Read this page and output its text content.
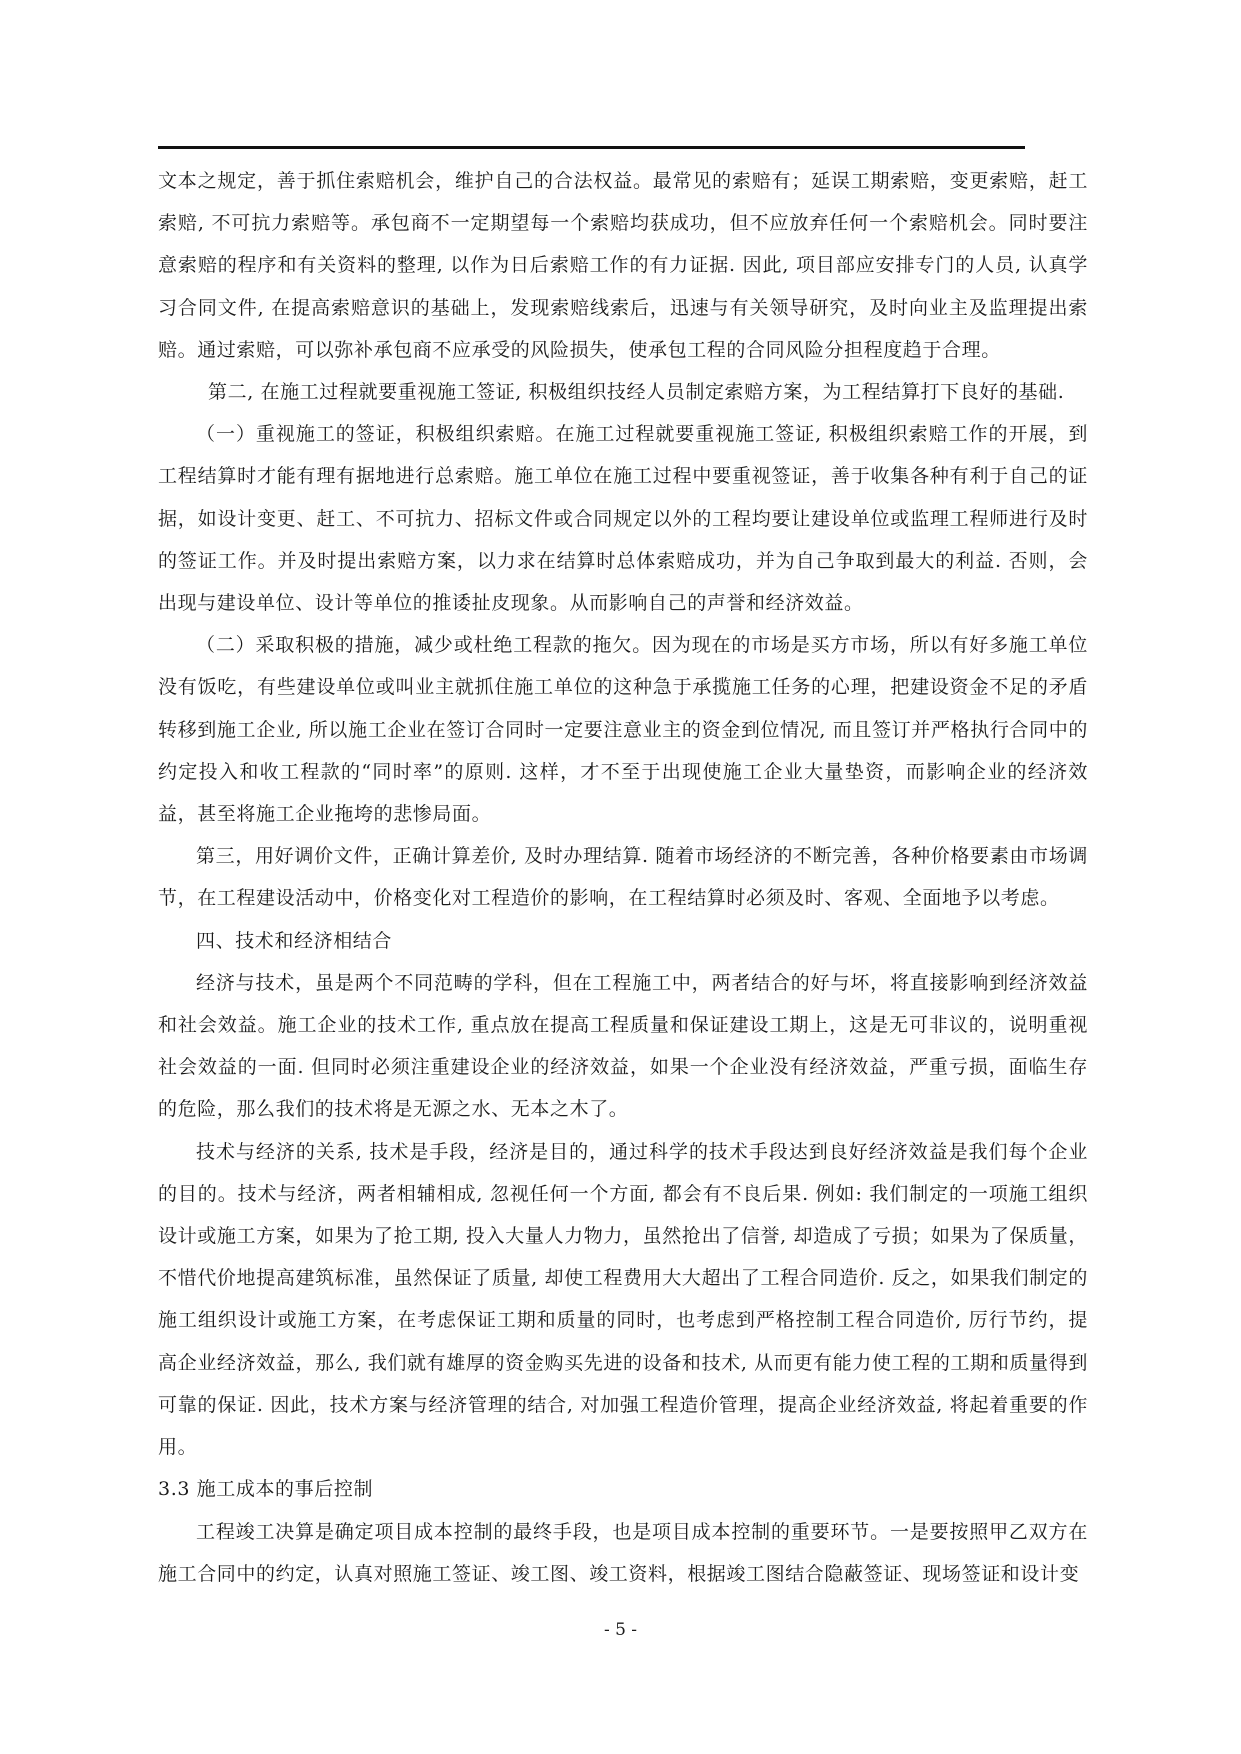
文本之规定，善于抓住索赔机会，维护自己的合法权益。最常见的索赔有；延误工期索赔，变更索赔，赶工索赔, 不可抗力索赔等。承包商不一定期望每一个索赔均获成功，但不应放弃任何一个索赔机会。同时要注意索赔的程序和有关资料的整理, 以作为日后索赔工作的有力证据. 因此, 项目部应安排专门的人员, 认真学习合同文件, 在提高索赔意识的基础上，发现索赔线索后，迅速与有关领导研究，及时向业主及监理提出索赔。通过索赔，可以弥补承包商不应承受的风险损失，使承包工程的合同风险分担程度趋于合理。

第二, 在施工过程就要重视施工签证, 积极组织技经人员制定索赔方案，为工程结算打下良好的基础.

（一）重视施工的签证，积极组织索赔。在施工过程就要重视施工签证, 积极组织索赔工作的开展，到工程结算时才能有理有据地进行总索赔。施工单位在施工过程中要重视签证，善于收集各种有利于自己的证据，如设计变更、赶工、不可抗力、招标文件或合同规定以外的工程均要让建设单位或监理工程师进行及时的签证工作。并及时提出索赔方案，以力求在结算时总体索赔成功，并为自己争取到最大的利益. 否则，会出现与建设单位、设计等单位的推诿扯皮现象。从而影响自己的声誉和经济效益。

（二）采取积极的措施，减少或杜绝工程款的拖欠。因为现在的市场是买方市场，所以有好多施工单位没有饭吃，有些建设单位或叫业主就抓住施工单位的这种急于承揽施工任务的心理，把建设资金不足的矛盾转移到施工企业, 所以施工企业在签订合同时一定要注意业主的资金到位情况, 而且签订并严格执行合同中的约定投入和收工程款的“同时率”的原则. 这样，才不至于出现使施工企业大量垫资，而影响企业的经济效益，甚至将施工企业拖垮的悲惨局面。

第三，用好调价文件，正确计算差价, 及时办理结算. 随着市场经济的不断完善，各种价格要素由市场调节，在工程建设活动中，价格变化对工程造价的影响，在工程结算时必须及时、客观、全面地予以考虑。

四、技术和经济相结合

经济与技术，虽是两个不同范畴的学科，但在工程施工中，两者结合的好与坏，将直接影响到经济效益和社会效益。施工企业的技术工作, 重点放在提高工程质量和保证建设工期上，这是无可非议的，说明重视社会效益的一面. 但同时必须注重建设企业的经济效益，如果一个企业没有经济效益，严重亏损，面临生存的危险，那么我们的技术将是无源之水、无本之木了。

技术与经济的关系, 技术是手段，经济是目的，通过科学的技术手段达到良好经济效益是我们每个企业的目的。技术与经济，两者相辅相成, 忽视任何一个方面, 都会有不良后果. 例如: 我们制定的一项施工组织设计或施工方案，如果为了抢工期, 投入大量人力物力，虽然抢出了信誉, 却造成了亏损；如果为了保质量，不惜代价地提高建筑标准，虽然保证了质量, 却使工程费用大大超出了工程合同造价. 反之，如果我们制定的施工组织设计或施工方案，在考虑保证工期和质量的同时，也考虑到严格控制工程合同造价, 厉行节约，提高企业经济效益，那么, 我们就有雄厚的资金购买先进的设备和技术, 从而更有能力使工程的工期和质量得到可靠的保证. 因此，技术方案与经济管理的结合, 对加强工程造价管理，提高企业经济效益, 将起着重要的作用。

3.3 施工成本的事后控制

工程竣工决算是确定项目成本控制的最终手段，也是项目成本控制的重要环节。一是要按照甲乙双方在施工合同中的约定，认真对照施工签证、竣工图、竣工资料，根据竣工图结合隐蔽签证、现场签证和设计变

- 5 -
